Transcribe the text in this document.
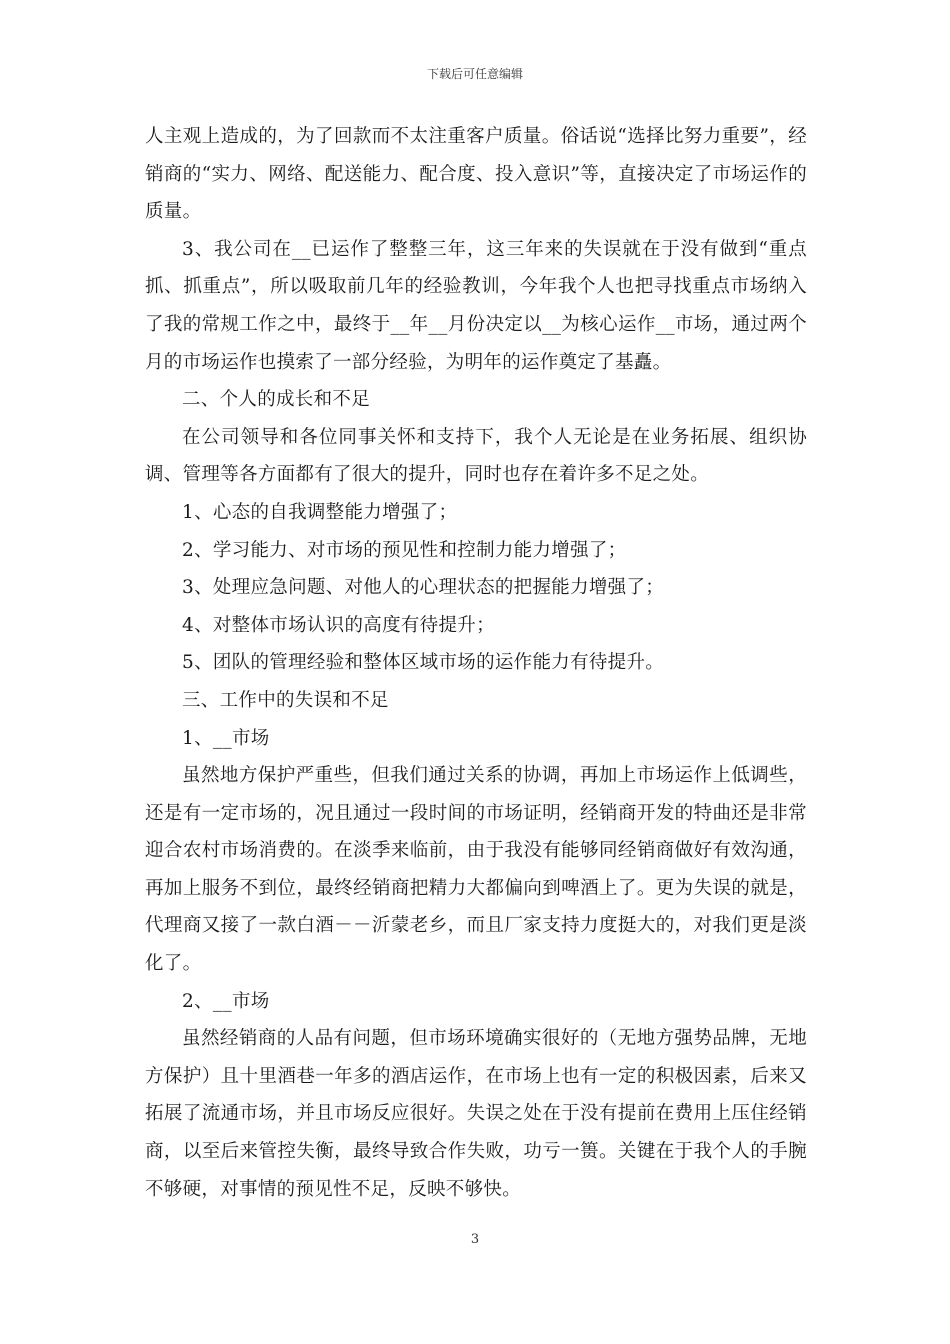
下载后可任意编辑

人主观上造成的，为了回款而不太注重客户质量。俗话说“选择比努力重要”，经销商的“实力、网络、配送能力、配合度、投入意识”等，直接决定了市场运作的质量。

3、我公司在__已运作了整整三年，这三年来的失误就在于没有做到“重点抓、抓重点”，所以吸取前几年的经验教训，今年我个人也把寻找重点市场纳入了我的常规工作之中，最终于__年__月份决定以__为核心运作__市场，通过两个月的市场运作也摸索了一部分经验，为明年的运作奠定了基矗。

二、个人的成长和不足

在公司领导和各位同事关怀和支持下，我个人无论是在业务拓展、组织协调、管理等各方面都有了很大的提升，同时也存在着许多不足之处。

1、心态的自我调整能力增强了；

2、学习能力、对市场的预见性和控制力能力增强了；

3、处理应急问题、对他人的心理状态的把握能力增强了；

4、对整体市场认识的高度有待提升；

5、团队的管理经验和整体区域市场的运作能力有待提升。

三、工作中的失误和不足

1、__市场

虽然地方保护严重些，但我们通过关系的协调，再加上市场运作上低调些，还是有一定市场的，况且通过一段时间的市场证明，经销商开发的特曲还是非常迎合农村市场消费的。在淡季来临前，由于我没有能够同经销商做好有效沟通，再加上服务不到位，最终经销商把精力大都偏向到啤酒上了。更为失误的就是，代理商又接了一款白酒－－沂蒙老乡，而且厂家支持力度挺大的，对我们更是淡化了。

2、__市场

虽然经销商的人品有问题，但市场环境确实很好的（无地方强势品牌，无地方保护）且十里酒巷一年多的酒店运作，在市场上也有一定的积极因素，后来又拓展了流通市场，并且市场反应很好。失误之处在于没有提前在费用上压住经销商，以至后来管控失衡，最终导致合作失败，功亏一篑。关键在于我个人的手腕不够硬，对事情的预见性不足，反映不够快。

3
